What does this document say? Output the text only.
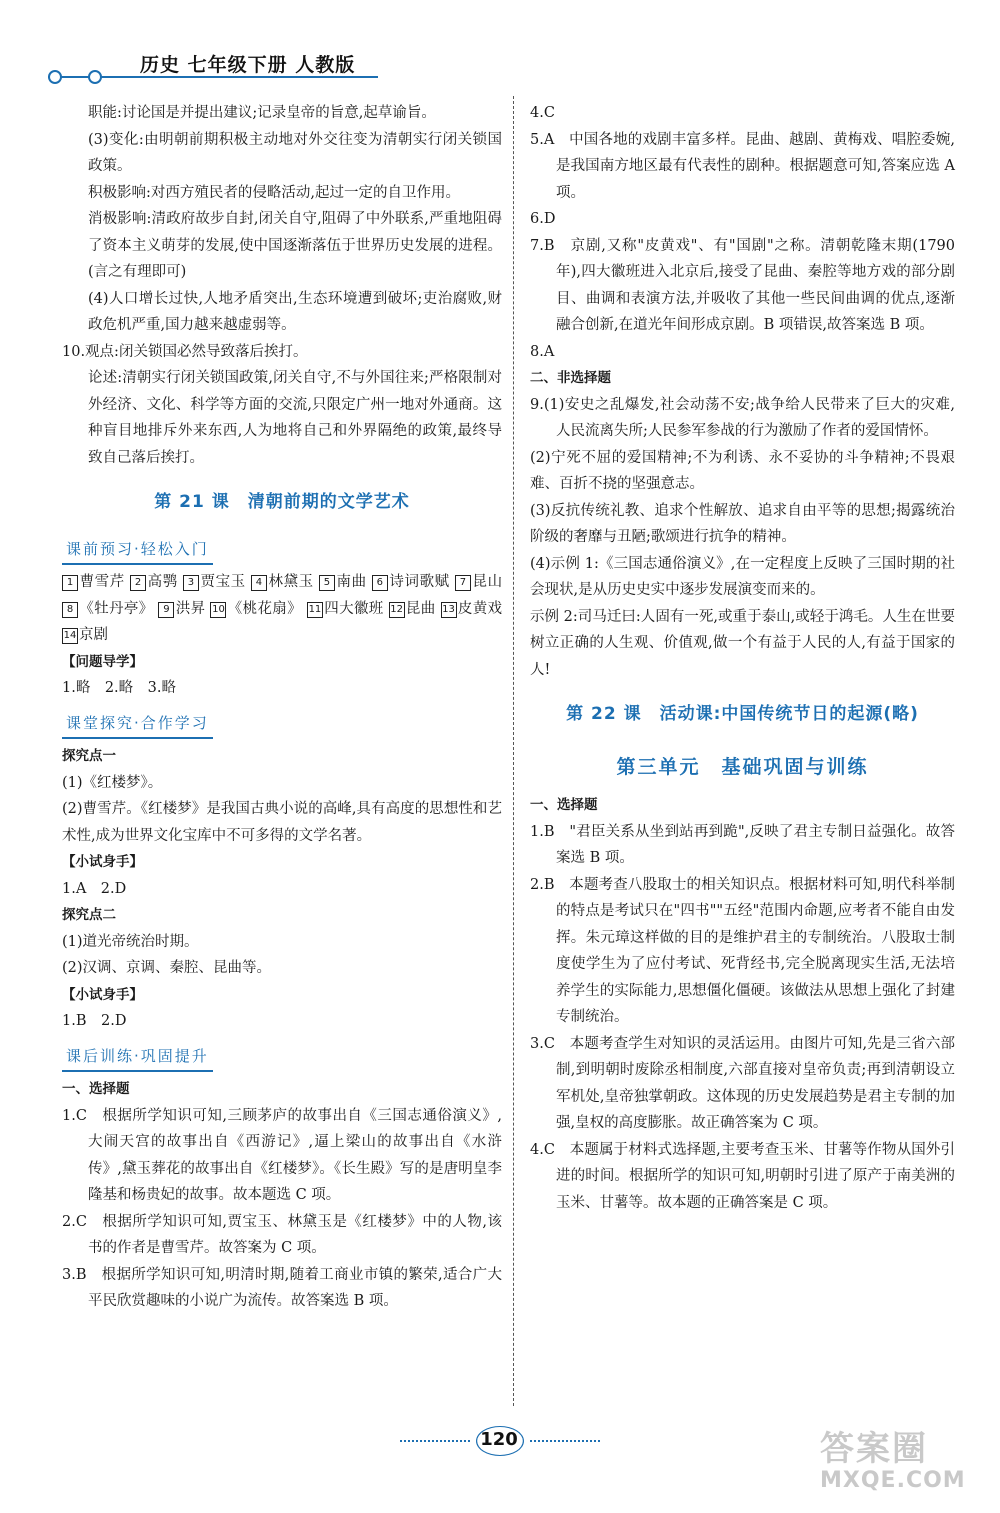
历史 七年级下册 人教版

职能:讨论国是并提出建议;记录皇帝的旨意,起草谕旨。

(3)变化:由明朝前期积极主动地对外交往变为清朝实行闭关锁国政策。

积极影响:对西方殖民者的侵略活动,起过一定的自卫作用。

消极影响:清政府故步自封,闭关自守,阻碍了中外联系,严重地阻碍了资本主义萌芽的发展,使中国逐渐落伍于世界历史发展的进程。(言之有理即可)

(4)人口增长过快,人地矛盾突出,生态环境遭到破坏;吏治腐败,财政危机严重,国力越来越虚弱等。

10.观点:闭关锁国必然导致落后挨打。

论述:清朝实行闭关锁国政策,闭关自守,不与外国往来;严格限制对外经济、文化、科学等方面的交流,只限定广州一地对外通商。这种盲目地排斥外来东西,人为地将自己和外界隔绝的政策,最终导致自己落后挨打。

第 21 课　清朝前期的文学艺术
课前预习·轻松入门

1 曹雪芹 2 高鹗 3 贾宝玉 4 林黛玉 5 南曲 6 诗词歌赋 7 昆山 8 《牡丹亭》 9 洪昇 10 《桃花扇》 11 四大徽班 12 昆曲 13 皮黄戏 14 京剧

【问题导学】

1.略　2.略　3.略

课堂探究·合作学习

探究点一

(1)《红楼梦》。

(2)曹雪芹。《红楼梦》是我国古典小说的高峰,具有高度的思想性和艺术性,成为世界文化宝库中不可多得的文学名著。

【小试身手】

1.A　2.D

探究点二

(1)道光帝统治时期。

(2)汉调、京调、秦腔、昆曲等。

【小试身手】

1.B　2.D

课后训练·巩固提升

一、选择题

1.C　根据所学知识可知,三顾茅庐的故事出自《三国志通俗演义》,大闹天宫的故事出自《西游记》,逼上梁山的故事出自《水浒传》,黛玉葬花的故事出自《红楼梦》。《长生殿》写的是唐明皇李隆基和杨贵妃的故事。故本题选 C 项。

2.C　根据所学知识可知,贾宝玉、林黛玉是《红楼梦》中的人物,该书的作者是曹雪芹。故答案为 C 项。

3.B　根据所学知识可知,明清时期,随着工商业市镇的繁荣,适合广大平民欣赏趣味的小说广为流传。故答案选 B 项。

4.C

5.A　中国各地的戏剧丰富多样。昆曲、越剧、黄梅戏、唱腔委婉,是我国南方地区最有代表性的剧种。根据题意可知,答案应选 A 项。

6.D

7.B　京剧,又称"皮黄戏"、有"国剧"之称。清朝乾隆末期(1790 年),四大徽班进入北京后,接受了昆曲、秦腔等地方戏的部分剧目、曲调和表演方法,并吸收了其他一些民间曲调的优点,逐渐融合创新,在道光年间形成京剧。B 项错误,故答案选 B 项。

8.A

二、非选择题

9.(1)安史之乱爆发,社会动荡不安;战争给人民带来了巨大的灾难,人民流离失所;人民参军参战的行为激励了作者的爱国情怀。

(2)宁死不屈的爱国精神;不为利诱、永不妥协的斗争精神;不畏艰难、百折不挠的坚强意志。

(3)反抗传统礼教、追求个性解放、追求自由平等的思想;揭露统治阶级的奢靡与丑陋;歌颂进行抗争的精神。

(4)示例 1:《三国志通俗演义》,在一定程度上反映了三国时期的社会现状,是从历史史实中逐步发展演变而来的。

示例 2:司马迁曰:人固有一死,或重于泰山,或轻于鸿毛。人生在世要树立正确的人生观、价值观,做一个有益于人民的人,有益于国家的人!

第 22 课　活动课:中国传统节日的起源(略)
第三单元　基础巩固与训练

一、选择题

1.B　"君臣关系从坐到站再到跪",反映了君主专制日益强化。故答案选 B 项。

2.B　本题考查八股取士的相关知识点。根据材料可知,明代科举制的特点是考试只在"四书""五经"范围内命题,应考者不能自由发挥。朱元璋这样做的目的是维护君主的专制统治。八股取士制度使学生为了应付考试、死背经书,完全脱离现实生活,无法培养学生的实际能力,思想僵化僵硬。该做法从思想上强化了封建专制统治。

3.C　本题考查学生对知识的灵活运用。由图片可知,先是三省六部制,到明朝时废除丞相制度,六部直接对皇帝负责;再到清朝设立军机处,皇帝独掌朝政。这体现的历史发展趋势是君主专制的加强,皇权的高度膨胀。故正确答案为 C 项。

4.C　本题属于材料式选择题,主要考查玉米、甘薯等作物从国外引进的时间。根据所学的知识可知,明朝时引进了原产于南美洲的玉米、甘薯等。故本题的正确答案是 C 项。

120	答案圈
MXQE.COM
